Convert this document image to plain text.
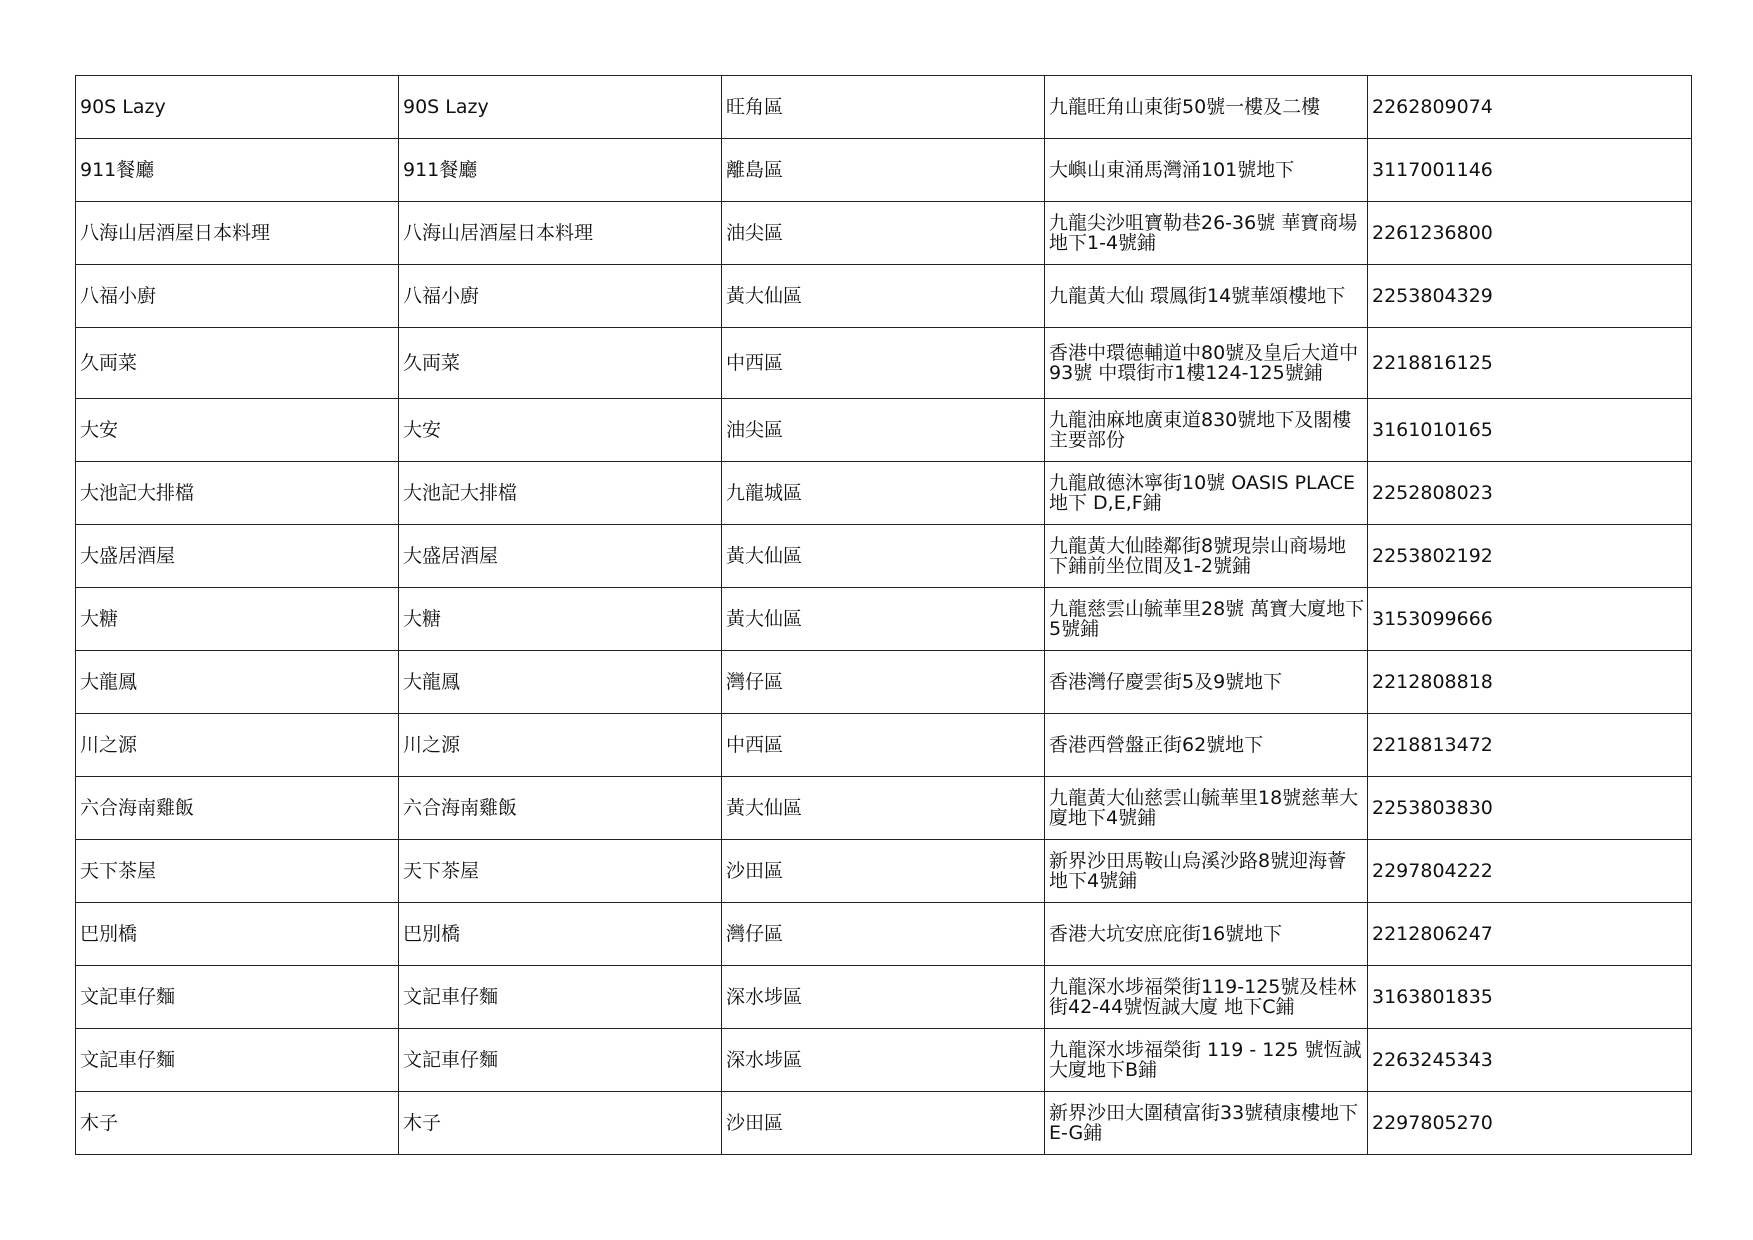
90S Lazy	90S Lazy	旺角區	九龍旺角山東街50號一樓及二樓	2262809074
911餐廳	911餐廳	離島區	大嶼山東涌馬灣涌101號地下	3117001146
八海山居酒屋日本料理	八海山居酒屋日本料理	油尖區	九龍尖沙咀寶勒巷26-36號 華寶商場地下1-4號鋪	2261236800
八福小廚	八福小廚	黃大仙區	九龍黃大仙 環鳳街14號華頌樓地下	2253804329
久両菜	久両菜	中西區	香港中環德輔道中80號及皇后大道中93號 中環街市1樓124-125號鋪	2218816125
大安	大安	油尖區	九龍油麻地廣東道830號地下及閣樓主要部份	3161010165
大池記大排檔	大池記大排檔	九龍城區	九龍啟德沐寧街10號 OASIS PLACE地下 D,E,F鋪	2252808023
大盛居酒屋	大盛居酒屋	黃大仙區	九龍黃大仙睦鄰街8號現崇山商場地下鋪前坐位間及1-2號鋪	2253802192
大糖	大糖	黃大仙區	九龍慈雲山毓華里28號 萬寶大廈地下5號鋪	3153099666
大龍鳳	大龍鳳	灣仔區	香港灣仔慶雲街5及9號地下	2212808818
川之源	川之源	中西區	香港西營盤正街62號地下	2218813472
六合海南雞飯	六合海南雞飯	黃大仙區	九龍黃大仙慈雲山毓華里18號慈華大廈地下4號鋪	2253803830
天下茶屋	天下茶屋	沙田區	新界沙田馬鞍山烏溪沙路8號迎海薈地下4號鋪	2297804222
巴別橋	巴別橋	灣仔區	香港大坑安庶庇街16號地下	2212806247
文記車仔麵	文記車仔麵	深水埗區	九龍深水埗福榮街119-125號及桂林街42-44號恆誠大廈 地下C鋪	3163801835
文記車仔麵	文記車仔麵	深水埗區	九龍深水埗福榮街 119 - 125 號恆誠大廈地下B鋪	2263245343
木子	木子	沙田區	新界沙田大圍積富街33號積康樓地下E-G鋪	2297805270
